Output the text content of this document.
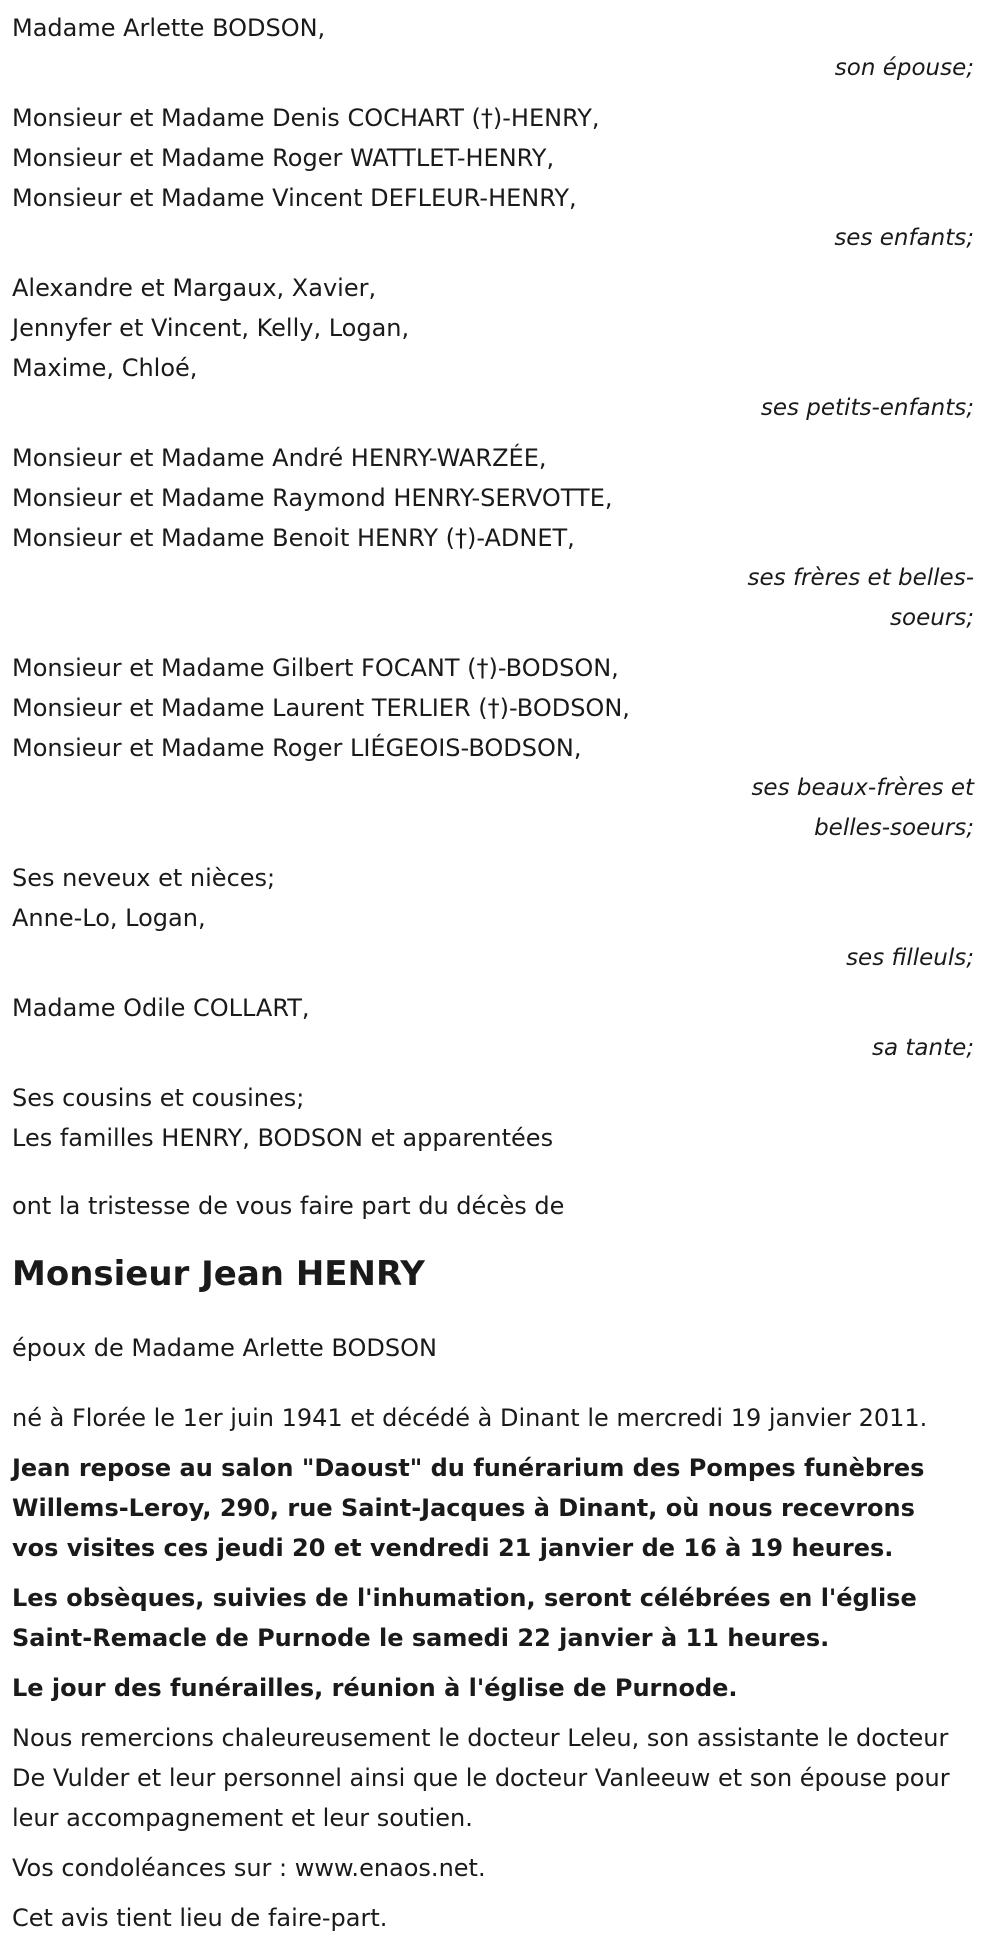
Madame Arlette BODSON,
son épouse;
Monsieur et Madame Denis COCHART (†)-HENRY,
Monsieur et Madame Roger WATTLET-HENRY,
Monsieur et Madame Vincent DEFLEUR-HENRY,
ses enfants;
Alexandre et Margaux, Xavier,
Jennyfer et Vincent, Kelly, Logan,
Maxime, Chloé,
ses petits-enfants;
Monsieur et Madame André HENRY-WARZÉE,
Monsieur et Madame Raymond HENRY-SERVOTTE,
Monsieur et Madame Benoit HENRY (†)-ADNET,
ses frères et belles-soeurs;
Monsieur et Madame Gilbert FOCANT (†)-BODSON,
Monsieur et Madame Laurent TERLIER (†)-BODSON,
Monsieur et Madame Roger LIÉGEOIS-BODSON,
ses beaux-frères et belles-soeurs;
Ses neveux et nièces;
Anne-Lo, Logan,
ses filleuls;
Madame Odile COLLART,
sa tante;
Ses cousins et cousines;
Les familles HENRY, BODSON et apparentées
ont la tristesse de vous faire part du décès de
Monsieur Jean HENRY
époux de Madame Arlette BODSON
né à Florée le 1er juin 1941 et décédé à Dinant le mercredi 19 janvier 2011.
Jean repose au salon "Daoust" du funérarium des Pompes funèbres Willems-Leroy, 290, rue Saint-Jacques à Dinant, où nous recevrons vos visites ces jeudi 20 et vendredi 21 janvier de 16 à 19 heures.
Les obsèques, suivies de l'inhumation, seront célébrées en l'église Saint-Remacle de Purnode le samedi 22 janvier à 11 heures.
Le jour des funérailles, réunion à l'église de Purnode.
Nous remercions chaleureusement le docteur Leleu, son assistante le docteur De Vulder et leur personnel ainsi que le docteur Vanleeuw et son épouse pour leur accompagnement et leur soutien.
Vos condoléances sur : www.enaos.net.
Cet avis tient lieu de faire-part.
